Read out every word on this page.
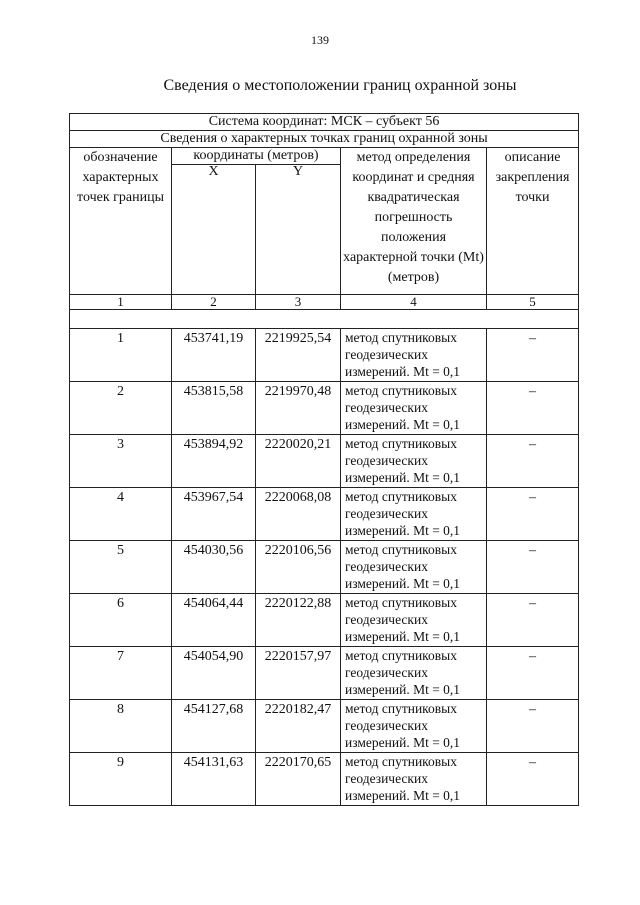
139
Сведения о местоположении границ охранной зоны
Система координат: МСК – субъект 56				
Сведения о характерных точках границ охранной зоны				
обозначение характерных точек границы	координаты (метров)		метод определения координат и средняя квадратическая погрешность положения характерной точки (Mt) (метров)	описание закрепления точки
	X	Y		
1	2	3	4	5

1	453741,19	2219925,54	метод спутниковых геодезических измерений. Mt = 0,1	–
2	453815,58	2219970,48	метод спутниковых геодезических измерений. Mt = 0,1	–
3	453894,92	2220020,21	метод спутниковых геодезических измерений. Mt = 0,1	–
4	453967,54	2220068,08	метод спутниковых геодезических измерений. Mt = 0,1	–
5	454030,56	2220106,56	метод спутниковых геодезических измерений. Mt = 0,1	–
6	454064,44	2220122,88	метод спутниковых геодезических измерений. Mt = 0,1	–
7	454054,90	2220157,97	метод спутниковых геодезических измерений. Mt = 0,1	–
8	454127,68	2220182,47	метод спутниковых геодезических измерений. Mt = 0,1	–
9	454131,63	2220170,65	метод спутниковых геодезических измерений. Mt = 0,1	–
